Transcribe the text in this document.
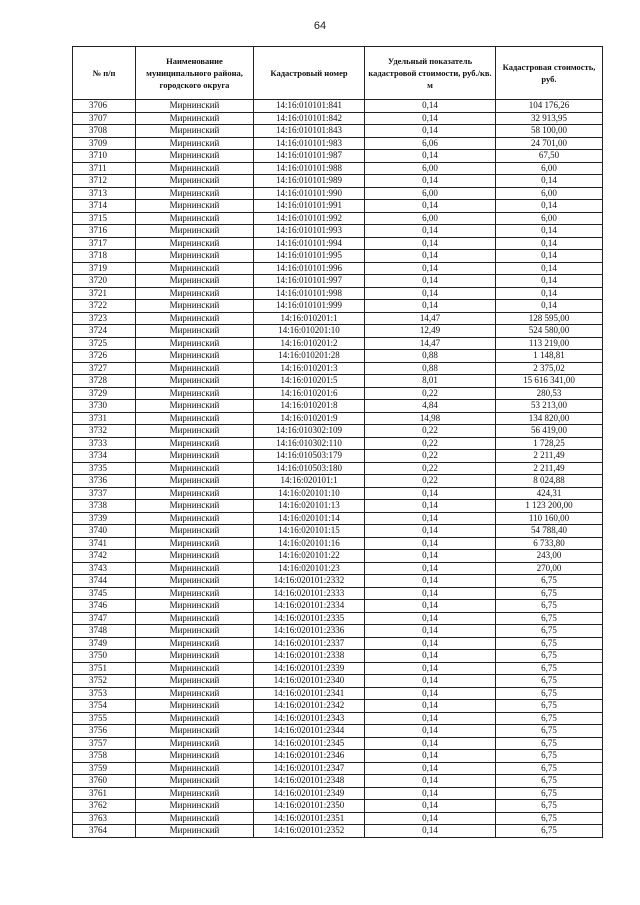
64
№ п/п	Наименование муниципального района, городского округа	Кадастровый номер	Удельный показатель кадастровой стоимости, руб./кв. м	Кадастровая стоимость, руб.
3706	Мирнинский	14:16:010101:841	0,14	104 176,26
3707	Мирнинский	14:16:010101:842	0,14	32 913,95
3708	Мирнинский	14:16:010101:843	0,14	58 100,00
3709	Мирнинский	14:16:010101:983	6,06	24 701,00
3710	Мирнинский	14:16:010101:987	0,14	67,50
3711	Мирнинский	14:16:010101:988	6,00	6,00
3712	Мирнинский	14:16:010101:989	0,14	0,14
3713	Мирнинский	14:16:010101:990	6,00	6,00
3714	Мирнинский	14:16:010101:991	0,14	0,14
3715	Мирнинский	14:16:010101:992	6,00	6,00
3716	Мирнинский	14:16:010101:993	0,14	0,14
3717	Мирнинский	14:16:010101:994	0,14	0,14
3718	Мирнинский	14:16:010101:995	0,14	0,14
3719	Мирнинский	14:16:010101:996	0,14	0,14
3720	Мирнинский	14:16:010101:997	0,14	0,14
3721	Мирнинский	14:16:010101:998	0,14	0,14
3722	Мирнинский	14:16:010101:999	0,14	0,14
3723	Мирнинский	14:16:010201:1	14,47	128 595,00
3724	Мирнинский	14:16:010201:10	12,49	524 580,00
3725	Мирнинский	14:16:010201:2	14,47	113 219,00
3726	Мирнинский	14:16:010201:28	0,88	1 148,81
3727	Мирнинский	14:16:010201:3	0,88	2 375,02
3728	Мирнинский	14:16:010201:5	8,01	15 616 341,00
3729	Мирнинский	14:16:010201:6	0,22	280,53
3730	Мирнинский	14:16:010201:8	4,84	53 213,00
3731	Мирнинский	14:16:010201:9	14,98	134 820,00
3732	Мирнинский	14:16:010302:109	0,22	56 419,00
3733	Мирнинский	14:16:010302:110	0,22	1 728,25
3734	Мирнинский	14:16:010503:179	0,22	2 211,49
3735	Мирнинский	14:16:010503:180	0,22	2 211,49
3736	Мирнинский	14:16:020101:1	0,22	8 024,88
3737	Мирнинский	14:16:020101:10	0,14	424,31
3738	Мирнинский	14:16:020101:13	0,14	1 123 200,00
3739	Мирнинский	14:16:020101:14	0,14	110 160,00
3740	Мирнинский	14:16:020101:15	0,14	54 788,40
3741	Мирнинский	14:16:020101:16	0,14	6 733,80
3742	Мирнинский	14:16:020101:22	0,14	243,00
3743	Мирнинский	14:16:020101:23	0,14	270,00
3744	Мирнинский	14:16:020101:2332	0,14	6,75
3745	Мирнинский	14:16:020101:2333	0,14	6,75
3746	Мирнинский	14:16:020101:2334	0,14	6,75
3747	Мирнинский	14:16:020101:2335	0,14	6,75
3748	Мирнинский	14:16:020101:2336	0,14	6,75
3749	Мирнинский	14:16:020101:2337	0,14	6,75
3750	Мирнинский	14:16:020101:2338	0,14	6,75
3751	Мирнинский	14:16:020101:2339	0,14	6,75
3752	Мирнинский	14:16:020101:2340	0,14	6,75
3753	Мирнинский	14:16:020101:2341	0,14	6,75
3754	Мирнинский	14:16:020101:2342	0,14	6,75
3755	Мирнинский	14:16:020101:2343	0,14	6,75
3756	Мирнинский	14:16:020101:2344	0,14	6,75
3757	Мирнинский	14:16:020101:2345	0,14	6,75
3758	Мирнинский	14:16:020101:2346	0,14	6,75
3759	Мирнинский	14:16:020101:2347	0,14	6,75
3760	Мирнинский	14:16:020101:2348	0,14	6,75
3761	Мирнинский	14:16:020101:2349	0,14	6,75
3762	Мирнинский	14:16:020101:2350	0,14	6,75
3763	Мирнинский	14:16:020101:2351	0,14	6,75
3764	Мирнинский	14:16:020101:2352	0,14	6,75
